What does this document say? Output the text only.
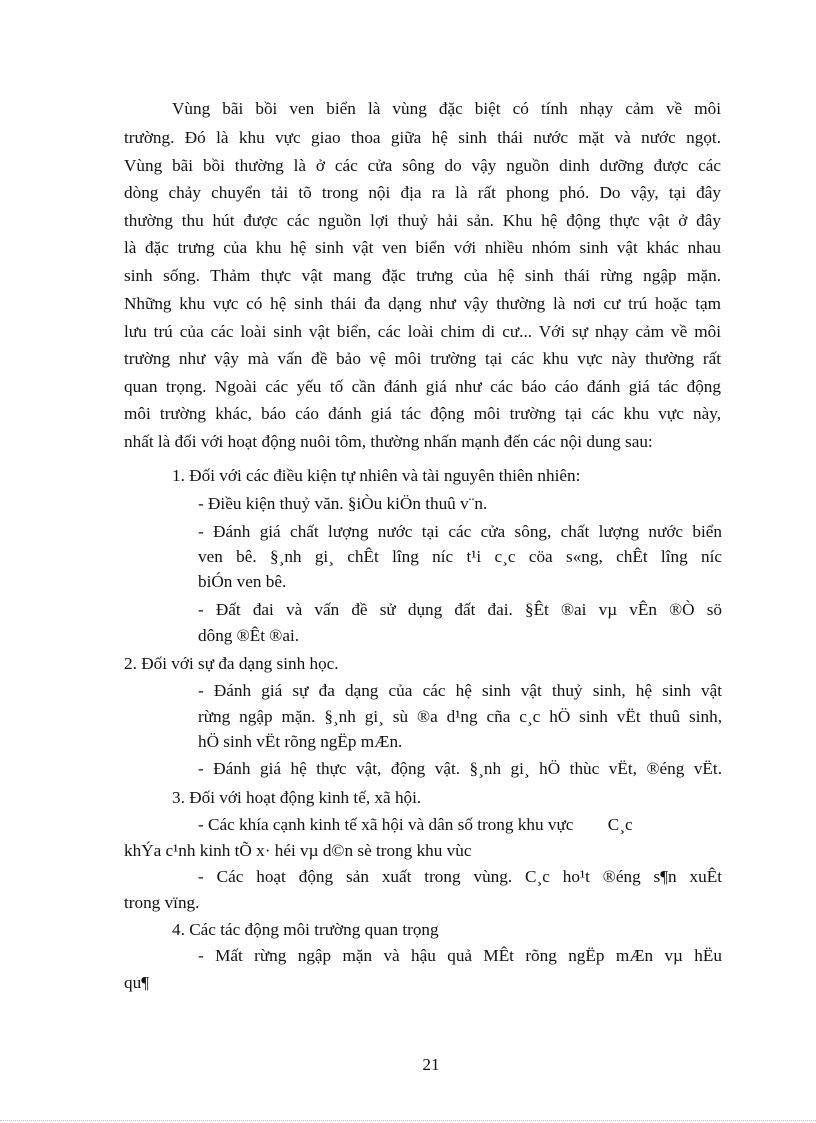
Vùng bãi bồi ven biển là vùng đặc biệt có tính nhạy cảm về môi
trường. Đó là khu vực giao thoa giữa hệ sinh thái nước mặt và nước ngọt.
Vùng bãi bồi thường là ở các cửa sông do vậy nguồn dinh dưỡng được các
dòng chảy chuyển tải tõ trong nội địa ra là rất phong phó. Do vậy, tại đây
thường thu hút được các nguồn lợi thuỷ hải sản. Khu hệ động thực vật ở đây
là đặc trưng của khu hệ sinh vật ven biển với nhiều nhóm sinh vật khác nhau
sinh sống. Thảm thực vật mang đặc trưng của hệ sinh thái rừng ngập mặn.
Những khu vực có hệ sinh thái đa dạng như vậy thường là nơi cư trú hoặc tạm
lưu trú của các loài sinh vật biển, các loài chim di cư... Với sự nhạy cảm về môi
trường như vậy mà vấn đề bảo vệ môi trường tại các khu vực này thường rất
quan trọng. Ngoài các yếu tố cần đánh giá như các báo cáo đánh giá tác động
môi trường khác, báo cáo đánh giá tác động môi trường tại các khu vực này,
nhất là đối với hoạt động nuôi tôm, thường nhấn mạnh đến các nội dung sau:
1. Đối với các điều kiện tự nhiên và tài nguyên thiên nhiên:
- Điều kiện thuỷ văn. §iÒu kiÖn thuû v¨n.
- Đánh giá chất lượng nước tại các cửa sông, chất lượng nước biển
ven bê. §¸nh gi¸ chÊt lîng níc t¹i c¸c cöa s«ng, chÊt lîng níc
biÓn ven bê.
- Đất đai và vấn đề sử dụng đất đai. §Êt ®ai vµ vÊn ®Ò sö
dông ®Êt ®ai.
2. Đối với sự đa dạng sinh học.
- Đánh giá sự đa dạng của các hệ sinh vật thuỷ sinh, hệ sinh vật
rừng ngập mặn. §¸nh gi¸ sù ®a d¹ng cña c¸c hÖ sinh vËt thuû sinh,
hÖ sinh vËt rõng ngËp mÆn.
- Đánh giá hệ thực vật, động vật. §¸nh gi¸ hÖ thùc vËt, ®éng vËt.
3. Đối với hoạt động kinh tế, xã hội.
- Các khía cạnh kinh tế xã hội và dân số trong khu vực        C¸c
khÝa c¹nh kinh tÕ x· héi vµ d©n sè trong khu vùc
- Các hoạt động sản xuất trong vùng. C¸c ho¹t ®éng s¶n xuÊt
trong vïng.
4. Các tác động môi trường quan trọng
- Mất rừng ngập mặn và hậu quả MÊt rõng ngËp mÆn vµ hËu
qu¶
21
